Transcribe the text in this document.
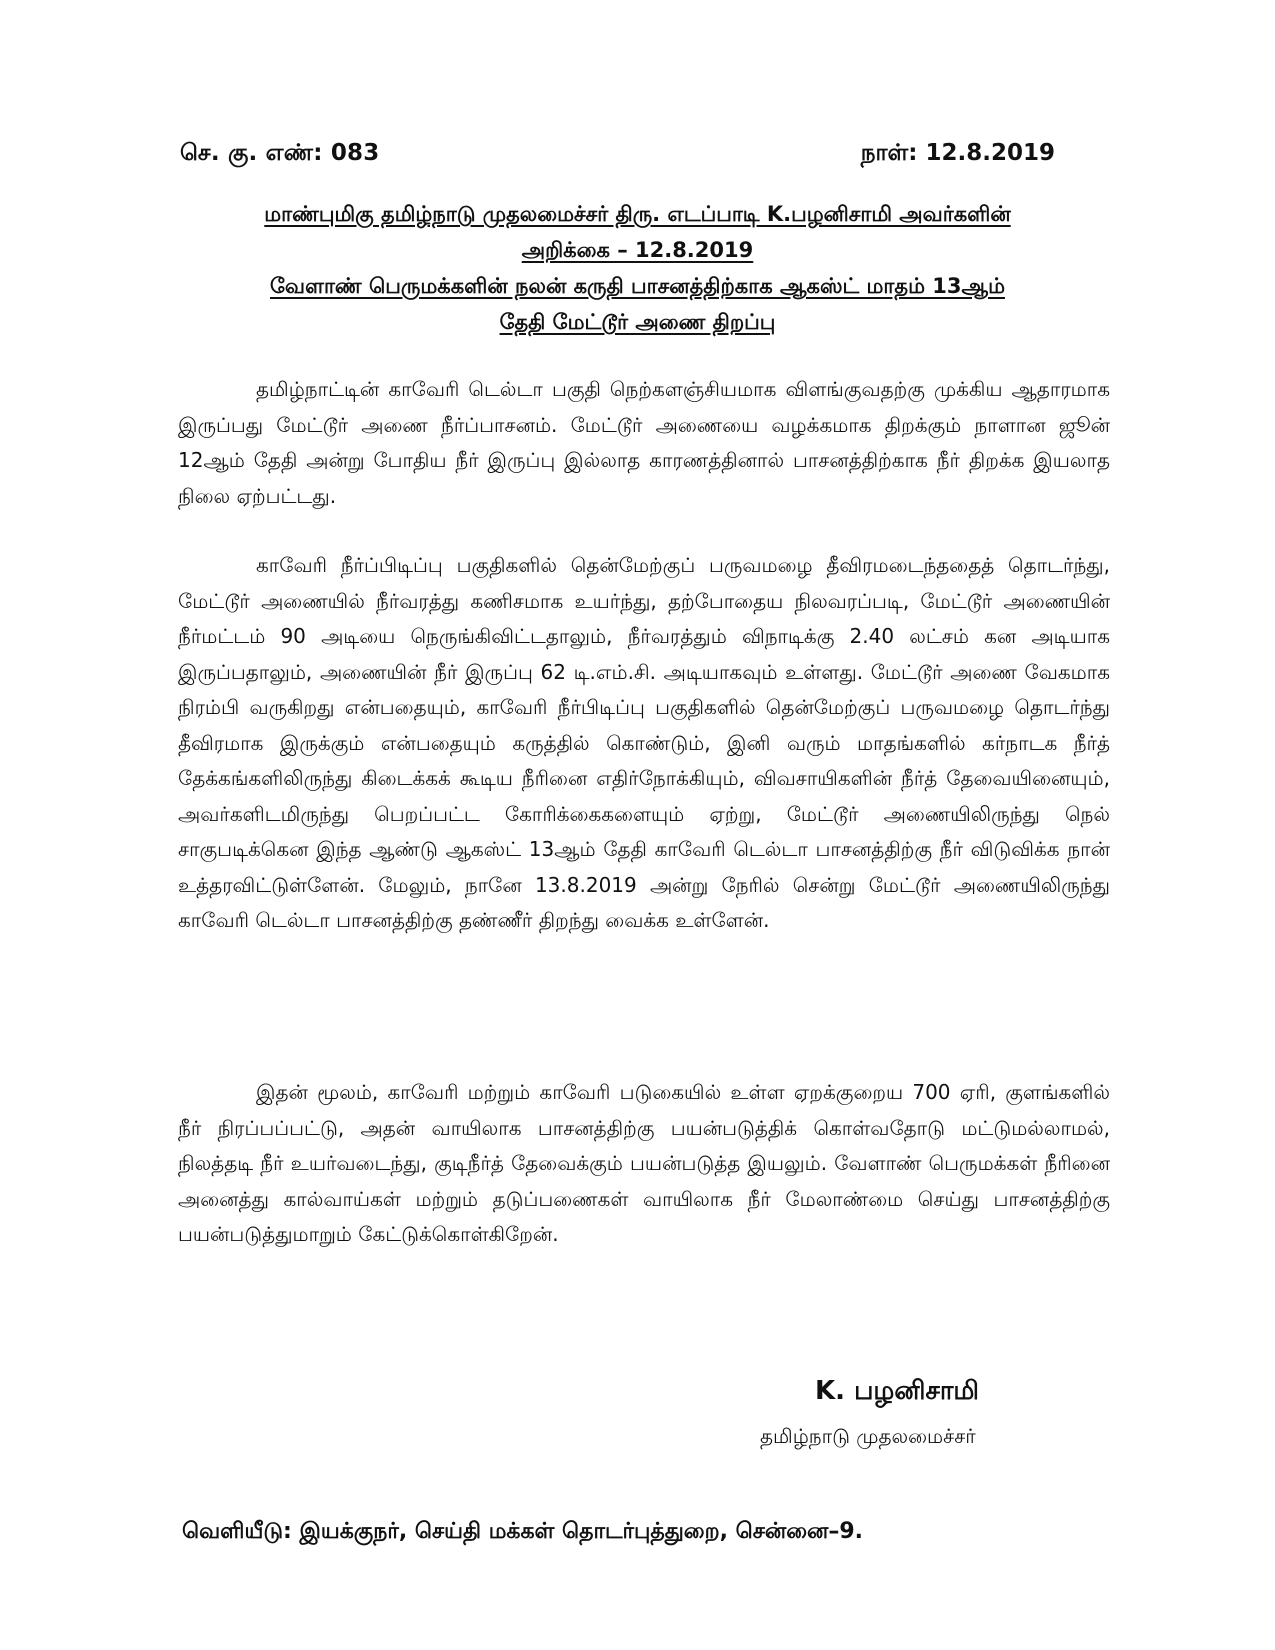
செ. கு. எண்: 083	நாள்: 12.8.2019
மாண்புமிகு தமிழ்நாடு முதலமைச்சர் திரு. எடப்பாடி K.பழனிசாமி அவர்களின்
அறிக்கை – 12.8.2019
வேளாண் பெருமக்களின் நலன் கருதி பாசனத்திற்காக ஆகஸ்ட் மாதம் 13ஆம்
தேதி மேட்டூர் அணை திறப்பு

தமிழ்நாட்டின் காவேரி டெல்டா பகுதி நெற்களஞ்சியமாக விளங்குவதற்கு முக்கிய ஆதாரமாக இருப்பது மேட்டூர் அணை நீர்ப்பாசனம். மேட்டூர் அணையை வழக்கமாக திறக்கும் நாளான ஜூன் 12ஆம் தேதி அன்று போதிய நீர் இருப்பு இல்லாத காரணத்தினால் பாசனத்திற்காக நீர் திறக்க இயலாத நிலை ஏற்பட்டது.

காவேரி நீர்ப்பிடிப்பு பகுதிகளில் தென்மேற்குப் பருவமழை தீவிரமடைந்ததைத் தொடர்ந்து, மேட்டூர் அணையில் நீர்வரத்து கணிசமாக உயர்ந்து, தற்போதைய நிலவரப்படி, மேட்டூர் அணையின் நீர்மட்டம் 90 அடியை நெருங்கிவிட்டதாலும், நீர்வரத்தும் விநாடிக்கு 2.40 லட்சம் கன அடியாக இருப்பதாலும், அணையின் நீர் இருப்பு 62 டி.எம்.சி. அடியாகவும் உள்ளது. மேட்டூர் அணை வேகமாக நிரம்பி வருகிறது என்பதையும், காவேரி நீர்பிடிப்பு பகுதிகளில் தென்மேற்குப் பருவமழை தொடர்ந்து தீவிரமாக இருக்கும் என்பதையும் கருத்தில் கொண்டும், இனி வரும் மாதங்களில் கர்நாடக நீர்த் தேக்கங்களிலிருந்து கிடைக்கக் கூடிய நீரினை எதிர்நோக்கியும், விவசாயிகளின் நீர்த் தேவையினையும், அவர்களிடமிருந்து பெறப்பட்ட கோரிக்கைகளையும் ஏற்று, மேட்டூர் அணையிலிருந்து நெல் சாகுபடிக்கென இந்த ஆண்டு ஆகஸ்ட் 13ஆம் தேதி காவேரி டெல்டா பாசனத்திற்கு நீர் விடுவிக்க நான் உத்தரவிட்டுள்ளேன். மேலும், நானே 13.8.2019 அன்று நேரில் சென்று மேட்டூர் அணையிலிருந்து காவேரி டெல்டா பாசனத்திற்கு தண்ணீர் திறந்து வைக்க உள்ளேன்.

இதன் மூலம், காவேரி மற்றும் காவேரி படுகையில் உள்ள ஏறக்குறைய 700 ஏரி, குளங்களில் நீர் நிரப்பப்பட்டு, அதன் வாயிலாக பாசனத்திற்கு பயன்படுத்திக் கொள்வதோடு மட்டுமல்லாமல், நிலத்தடி நீர் உயர்வடைந்து, குடிநீர்த் தேவைக்கும் பயன்படுத்த இயலும். வேளாண் பெருமக்கள் நீரினை அனைத்து கால்வாய்கள் மற்றும் தடுப்பணைகள் வாயிலாக நீர் மேலாண்மை செய்து பாசனத்திற்கு பயன்படுத்துமாறும் கேட்டுக்கொள்கிறேன்.

K. பழனிசாமி
தமிழ்நாடு முதலமைச்சர்
வெளியீடு: இயக்குநர், செய்தி மக்கள் தொடர்புத்துறை, சென்னை–9.
